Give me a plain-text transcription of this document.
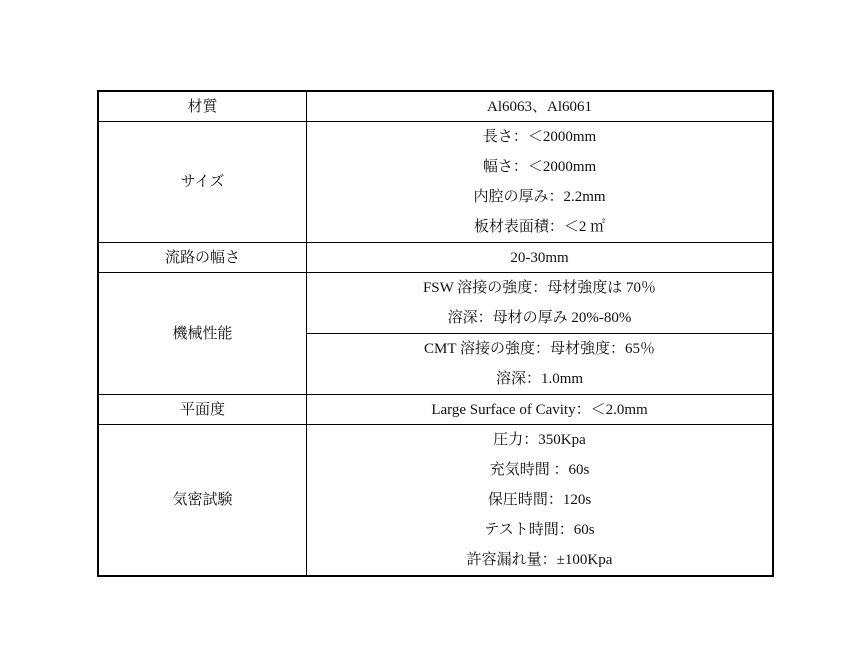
材質	Al6063、Al6061
サイズ	長さ：＜2000mm
幅さ：＜2000mm
内腔の厚み：2.2mm
板材表面積：＜2 ㎡

流路の幅さ	20-30mm
機械性能	FSW 溶接の強度：母材強度は 70％
溶深：母材の厚み 20%-80%

	CMT 溶接の強度：母材強度：65％
溶深：1.0mm

平面度	Large Surface of Cavity：＜2.0mm
気密試験	圧力：350Kpa
充気時間 ：60s
保圧時間：120s
テスト時間：60s
許容漏れ量：±100Kpa
